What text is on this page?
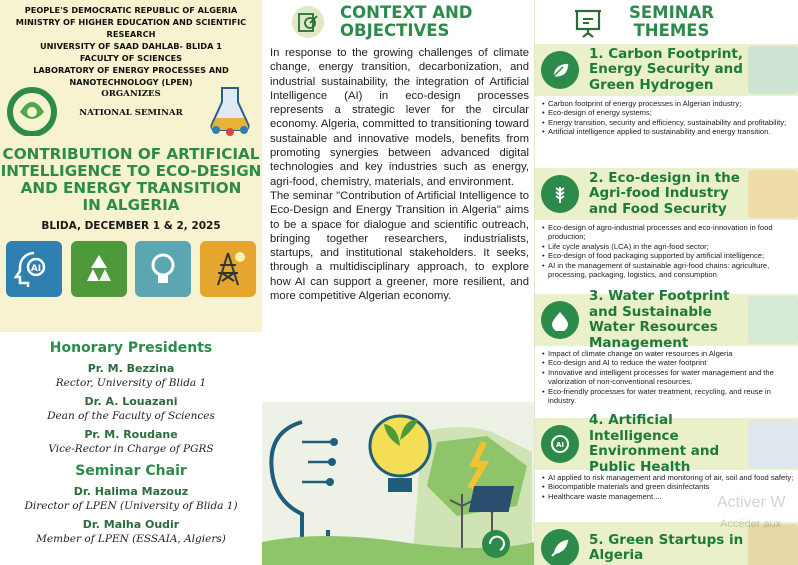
PEOPLE'S DEMOCRATIC REPUBLIC OF ALGERIA
MINISTRY OF HIGHER EDUCATION AND SCIENTIFIC
RESEARCH
UNIVERSITY OF SAAD DAHLAB- BLIDA 1
FACULTY OF SCIENCES
LABORATORY OF ENERGY PROCESSES AND
NANOTECHNOLOGY (LPEN)
ORGANIZES
NATIONAL SEMINAR
CONTRIBUTION OF ARTIFICIAL
INTELLIGENCE TO ECO-DESIGN
AND ENERGY TRANSITION
IN ALGERIA
BLIDA, DECEMBER 1 & 2, 2025
AI
Honorary Presidents
Pr. M. Bezzina
Rector, University of Blida 1
Dr. A. Louazani
Dean of the Faculty of Sciences
Pr. M. Roudane
Vice-Rector in Charge of PGRS
Seminar Chair
Dr. Halima Mazouz
Director of LPEN (University of Blida 1)
Dr. Malha Oudir
Member of LPEN (ESSAIA, Algiers)
CONTEXT AND
OBJECTIVES

In response to the growing challenges of climate change, energy transition, decarbonization, and industrial sustainability, the integration of Artificial Intelligence (AI) in eco-design processes represents a strategic lever for the circular economy. Algeria, committed to transitioning toward sustainable and innovative models, benefits from promoting synergies between advanced digital technologies and key industries such as energy, agri-food, chemistry, materials, and environment.

The seminar "Contribution of Artificial Intelligence to Eco-Design and Energy Transition in Algeria" aims to be a space for dialogue and scientific outreach, bringing together researchers, industrialists, startups, and institutional stakeholders. It seeks, through a multidisciplinary approach, to explore how AI can support a greener, more resilient, and more competitive Algerian economy.

SEMINAR
THEMES
1. Carbon Footprint, Energy Security and Green Hydrogen
• Carbon footprint of energy processes in Algerian industry;
• Eco-design of energy systems;
• Energy transition, security and efficiency, sustainability and profitability;
• Artificial intelligence applied to sustainability and energy transition.
2. Eco-design in the Agri-food Industry and Food Security
• Eco-design of agro-industrial processes and eco-innovation in food production;
• Life cycle analysis (LCA) in the agri-food sector;
• Eco-design of food packaging supported by artificial intelligence;
• AI in the management of sustainable agri-food chains: agriculture, processing, packaging, logistics, and consumption
3. Water Footprint and Sustainable Water Resources Management
• Impact of climate change on water resources in Algeria
• Eco-design and AI to reduce the water footprint
• Innovative and intelligent processes for water management and the valorization of non-conventional resources.
• Eco-friendly processes for water treatment, recycling, and reuse in industry.
AI
4. Artificial Intelligence Environment and Public Health
• AI applied to risk management and monitoring of air, soil and food safety;
• Biocompatible materials and green disinfectants
• Healthcare waste management....
5. Green Startups in Algeria
Activer W
Accéder aux
